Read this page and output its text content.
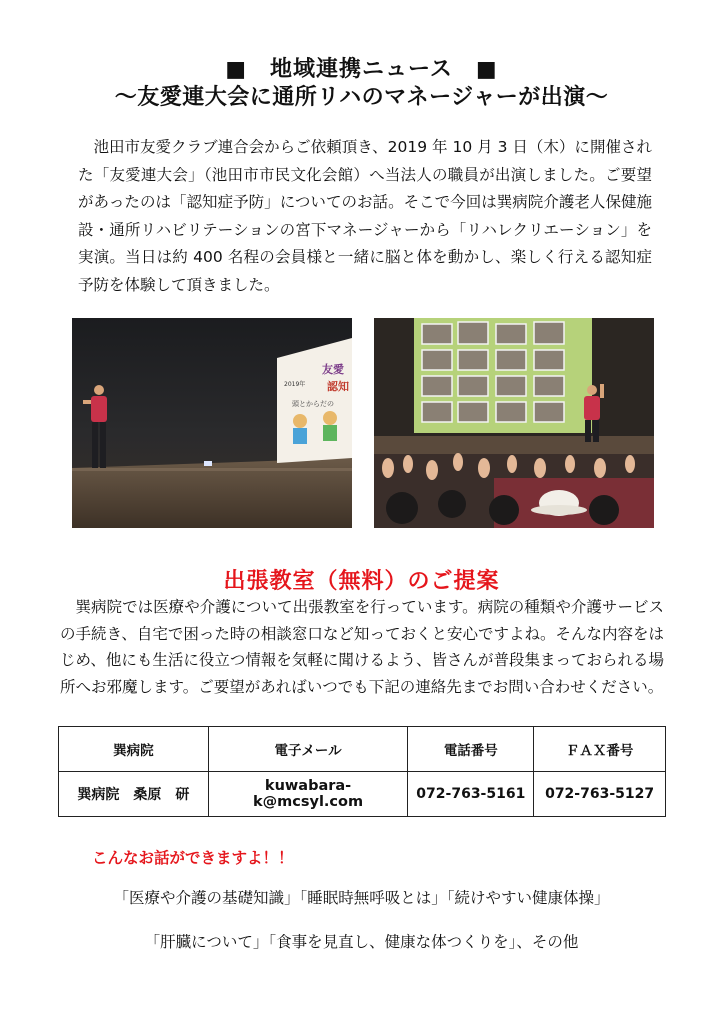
■　地域連携ニュース　■
～友愛連大会に通所リハのマネージャーが出演～

池田市友愛クラブ連合会からご依頼頂き、2019 年 10 月 3 日（木）に開催された「友愛連大会」（池田市市民文化会館）へ当法人の職員が出演しました。ご要望があったのは「認知症予防」についてのお話。そこで今回は巽病院介護老人保健施設・通所リハビリテーションの宮下マネージャーから「リハレクリエーション」を実演。当日は約 400 名程の会員様と一緒に脳と体を動かし、楽しく行える認知症予防を体験して頂きました。

友愛
認知
2019年
頭とからだの
出張教室（無料）のご提案

巽病院では医療や介護について出張教室を行っています。病院の種類や介護サービスの手続き、自宅で困った時の相談窓口など知っておくと安心ですよね。そんな内容をはじめ、他にも生活に役立つ情報を気軽に聞けるよう、皆さんが普段集まっておられる場所へお邪魔します。ご要望があればいつでも下記の連絡先までお問い合わせください。

巽病院	電子メール	電話番号	ＦＡＸ番号
巽病院　桑原　研	kuwabara-k@mcsyl.com	072-763-5161	072-763-5127
こんなお話ができますよ！！
「医療や介護の基礎知識」「睡眠時無呼吸とは」「続けやすい健康体操」
「肝臓について」「食事を見直し、健康な体つくりを」、その他
